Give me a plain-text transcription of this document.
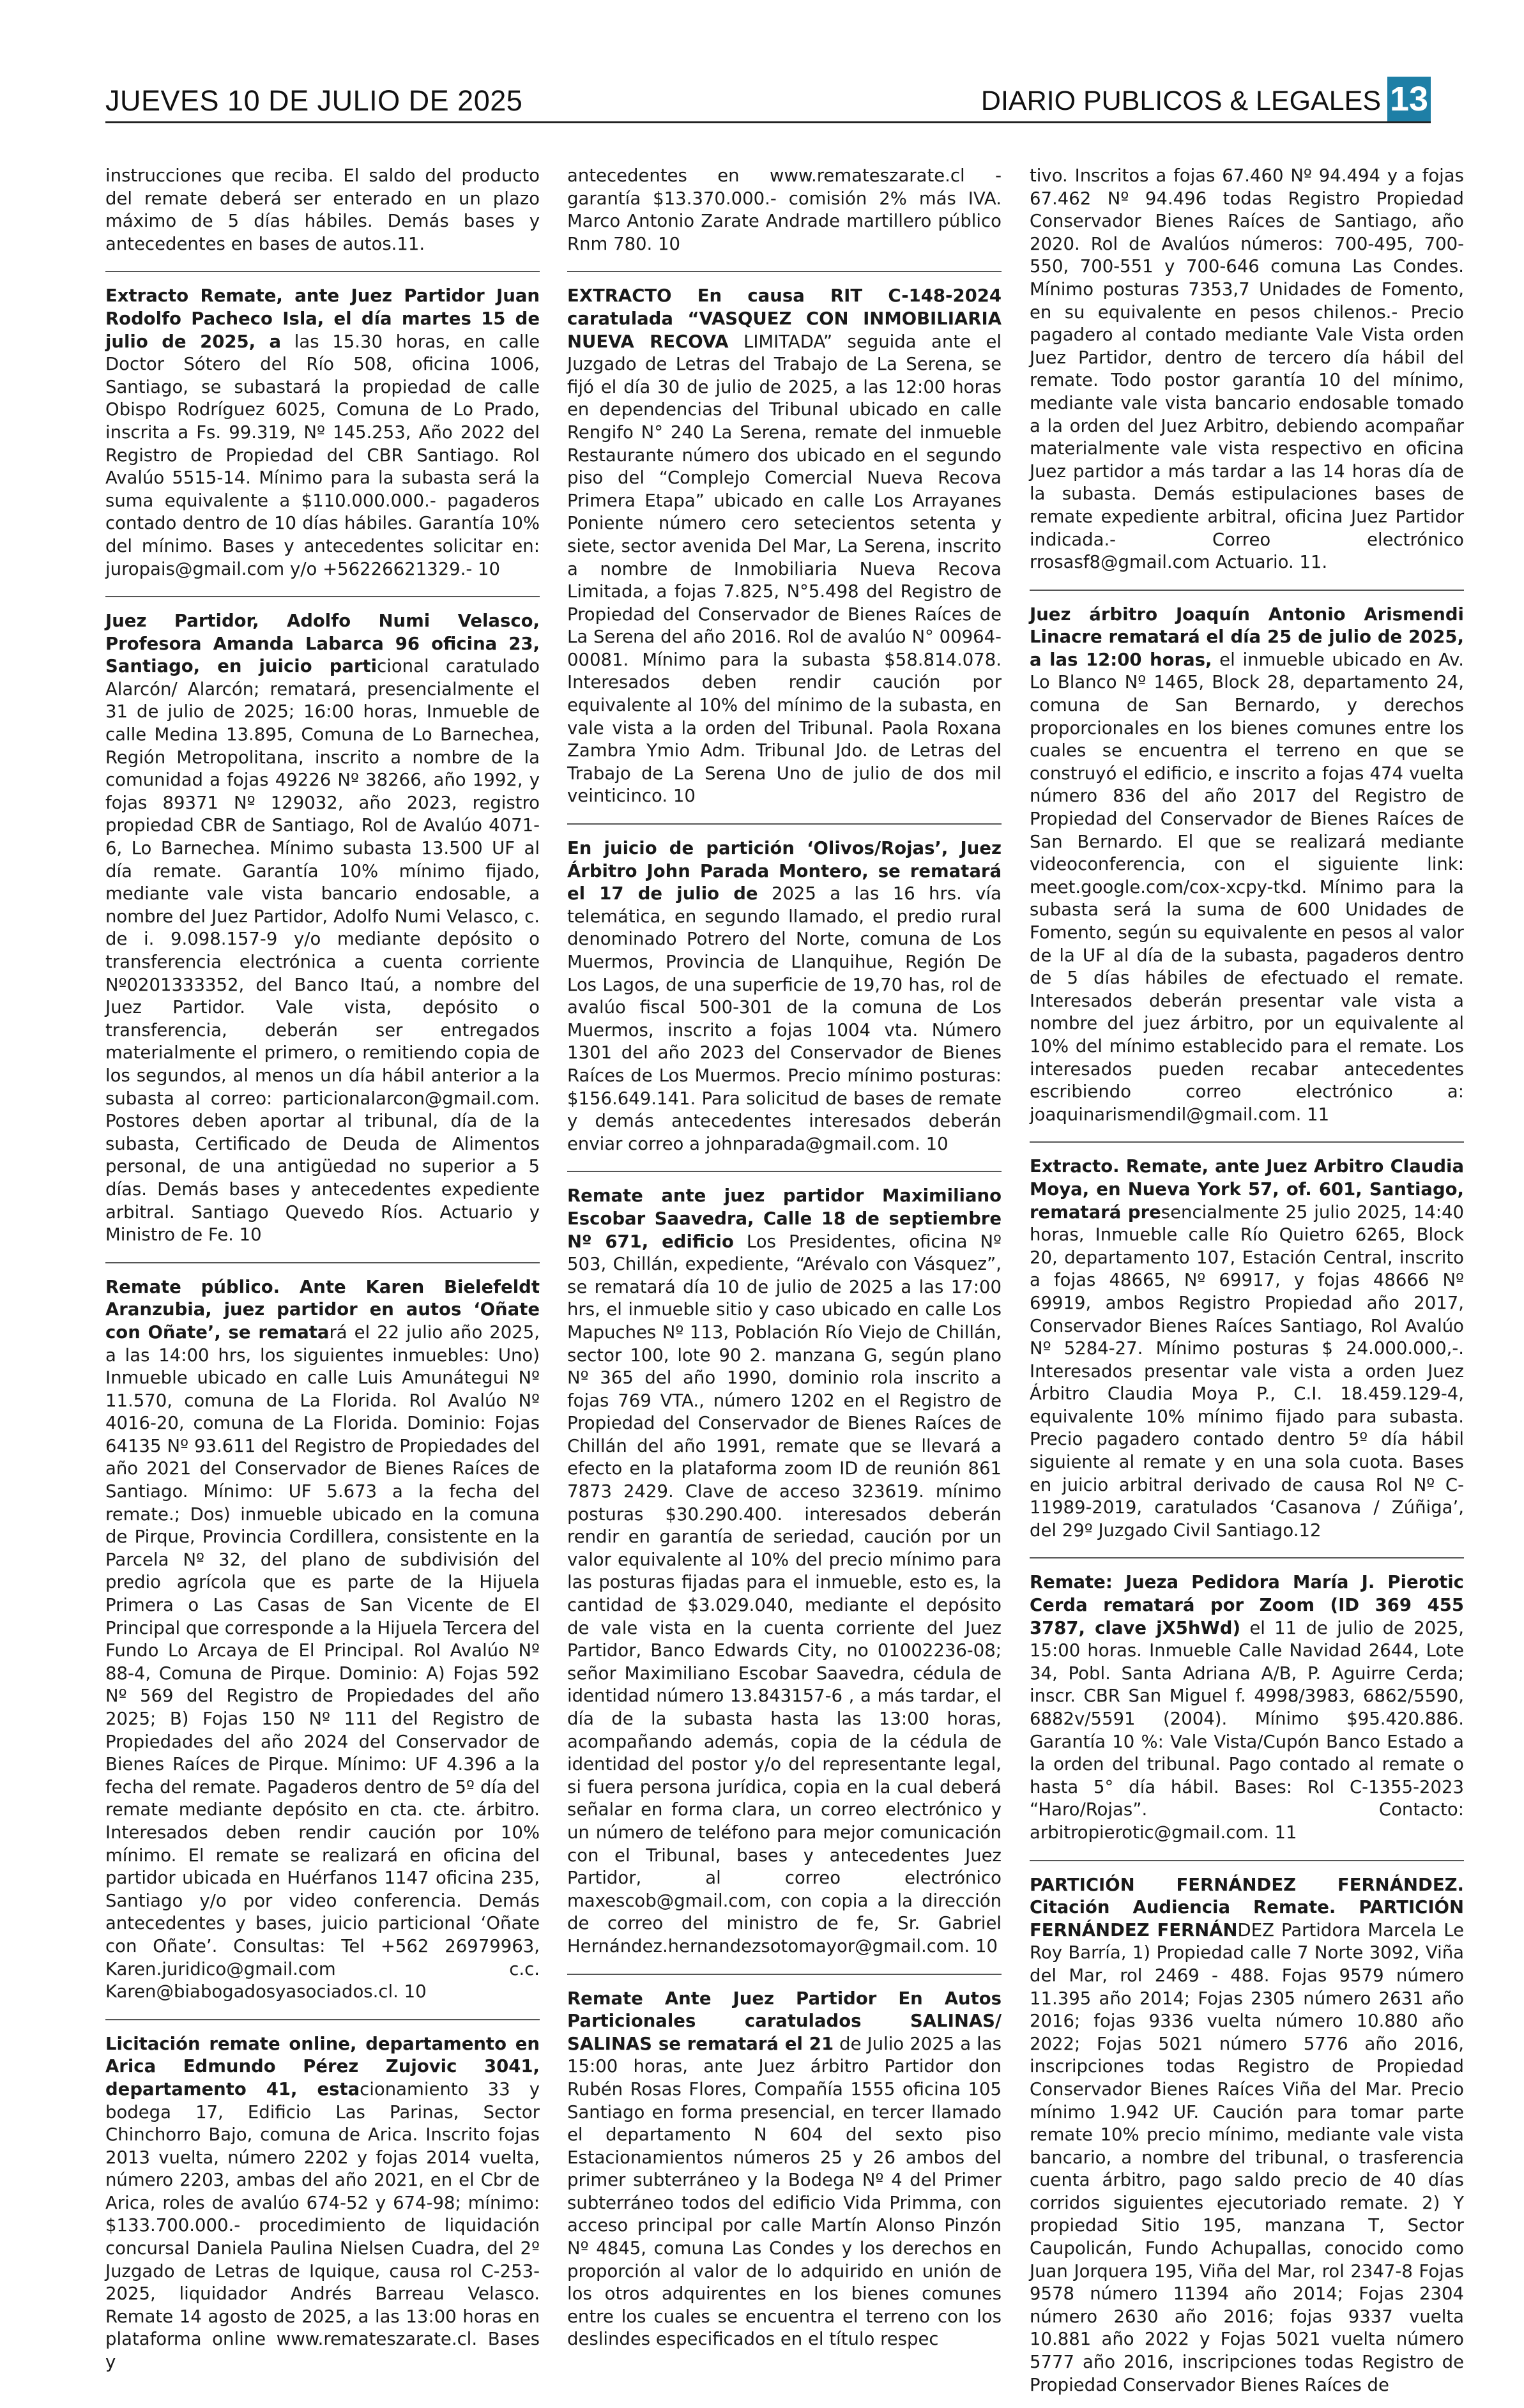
JUEVES 10 DE JULIO DE 2025	DIARIO PUBLICOS & LEGALES 13

instrucciones que reciba. El saldo del producto del remate deberá ser enterado en un plazo máximo de 5 días hábiles. Demás bases y antecedentes en bases de autos.11.

Extracto Remate, ante Juez Partidor Juan Rodolfo Pacheco Isla, el día martes 15 de julio de 2025, a las 15.30 horas, en calle Doctor Sótero del Río 508, oficina 1006, Santiago, se subastará la propiedad de calle Obispo Rodríguez 6025, Comuna de Lo Prado, inscrita a Fs. 99.319, Nº 145.253, Año 2022 del Registro de Propiedad del CBR Santiago. Rol Avalúo 5515-14. Mínimo para la subasta será la suma equivalente a $110.000.000.- pagaderos contado dentro de 10 días hábiles. Garantía 10% del mínimo. Bases y antecedentes solicitar en: juropais@gmail.com y/o +56226621329.- 10

Juez Partidor, Adolfo Numi Velasco, Profesora Amanda Labarca 96 oficina 23, Santiago, en juicio particional caratulado Alarcón/ Alarcón; rematará, presencialmente el 31 de julio de 2025; 16:00 horas, Inmueble de calle Medina 13.895, Comuna de Lo Barnechea, Región Metropolitana, inscrito a nombre de la comunidad a fojas 49226 Nº 38266, año 1992, y fojas 89371 Nº 129032, año 2023, registro propiedad CBR de Santiago, Rol de Avalúo 4071-6, Lo Barnechea. Mínimo subasta 13.500 UF al día remate. Garantía 10% mínimo fijado, mediante vale vista bancario endosable, a nombre del Juez Partidor, Adolfo Numi Velasco, c. de i. 9.098.157-9 y/o mediante depósito o transferencia electrónica a cuenta corriente Nº0201333352, del Banco Itaú, a nombre del Juez Partidor. Vale vista, depósito o transferencia, deberán ser entregados materialmente el primero, o remitiendo copia de los segundos, al menos un día hábil anterior a la subasta al correo: particionalarcon@gmail.com. Postores deben aportar al tribunal, día de la subasta, Certificado de Deuda de Alimentos personal, de una antigüedad no superior a 5 días. Demás bases y antecedentes expediente arbitral. Santiago Quevedo Ríos. Actuario y Ministro de Fe. 10

Remate público. Ante Karen Bielefeldt Aranzubia, juez partidor en autos ‘Oñate con Oñate’, se rematará el 22 julio año 2025, a las 14:00 hrs, los siguientes inmuebles: Uno) Inmueble ubicado en calle Luis Amunátegui Nº 11.570, comuna de La Florida. Rol Avalúo Nº 4016-20, comuna de La Florida. Dominio: Fojas 64135 Nº 93.611 del Registro de Propiedades del año 2021 del Conservador de Bienes Raíces de Santiago. Mínimo: UF 5.673 a la fecha del remate.; Dos) inmueble ubicado en la comuna de Pirque, Provincia Cordillera, consistente en la Parcela Nº 32, del plano de subdivisión del predio agrícola que es parte de la Hijuela Primera o Las Casas de San Vicente de El Principal que corresponde a la Hijuela Tercera del Fundo Lo Arcaya de El Principal. Rol Avalúo Nº 88-4, Comuna de Pirque. Dominio: A) Fojas 592 Nº 569 del Registro de Propiedades del año 2025; B) Fojas 150 Nº 111 del Registro de Propiedades del año 2024 del Conservador de Bienes Raíces de Pirque. Mínimo: UF 4.396 a la fecha del remate. Pagaderos dentro de 5º día del remate mediante depósito en cta. cte. árbitro. Interesados deben rendir caución por 10% mínimo. El remate se realizará en oficina del partidor ubicada en Huérfanos 1147 oficina 235, Santiago y/o por video conferencia. Demás antecedentes y bases, juicio particional ‘Oñate con Oñate’. Consultas: Tel +562 26979963, Karen.juridico@gmail.com c.c. Karen@biabogadosyasociados.cl. 10

Licitación remate online, departamento en Arica Edmundo Pérez Zujovic 3041, departamento 41, estacionamiento 33 y bodega 17, Edificio Las Parinas, Sector Chinchorro Bajo, comuna de Arica. Inscrito fojas 2013 vuelta, número 2202 y fojas 2014 vuelta, número 2203, ambas del año 2021, en el Cbr de Arica, roles de avalúo 674-52 y 674-98; mínimo: $133.700.000.- procedimiento de liquidación concursal Daniela Paulina Nielsen Cuadra, del 2º Juzgado de Letras de Iquique, causa rol C-253-2025, liquidador Andrés Barreau Velasco. Remate 14 agosto de 2025, a las 13:00 horas en plataforma online www.remateszarate.cl. Bases y

antecedentes en www.remateszarate.cl - garantía $13.370.000.- comisión 2% más IVA. Marco Antonio Zarate Andrade martillero público Rnm 780. 10

EXTRACTO En causa RIT C-148-2024 caratulada “VASQUEZ CON INMOBILIARIA NUEVA RECOVA LIMITADA” seguida ante el Juzgado de Letras del Trabajo de La Serena, se fijó el día 30 de julio de 2025, a las 12:00 horas en dependencias del Tribunal ubicado en calle Rengifo N° 240 La Serena, remate del inmueble Restaurante número dos ubicado en el segundo piso del “Complejo Comercial Nueva Recova Primera Etapa” ubicado en calle Los Arrayanes Poniente número cero setecientos setenta y siete, sector avenida Del Mar, La Serena, inscrito a nombre de Inmobiliaria Nueva Recova Limitada, a fojas 7.825, N°5.498 del Registro de Propiedad del Conservador de Bienes Raíces de La Serena del año 2016. Rol de avalúo N° 00964-00081. Mínimo para la subasta $58.814.078. Interesados deben rendir caución por equivalente al 10% del mínimo de la subasta, en vale vista a la orden del Tribunal. Paola Roxana Zambra Ymio Adm. Tribunal Jdo. de Letras del Trabajo de La Serena Uno de julio de dos mil veinticinco. 10

En juicio de partición ‘Olivos/Rojas’, Juez Árbitro John Parada Montero, se rematará el 17 de julio de 2025 a las 16 hrs. vía telemática, en segundo llamado, el predio rural denominado Potrero del Norte, comuna de Los Muermos, Provincia de Llanquihue, Región De Los Lagos, de una superficie de 19,70 has, rol de avalúo fiscal 500-301 de la comuna de Los Muermos, inscrito a fojas 1004 vta. Número 1301 del año 2023 del Conservador de Bienes Raíces de Los Muermos. Precio mínimo posturas: $156.649.141. Para solicitud de bases de remate y demás antecedentes interesados deberán enviar correo a johnparada@gmail.com. 10

Remate ante juez partidor Maximiliano Escobar Saavedra, Calle 18 de septiembre Nº 671, edificio Los Presidentes, oficina Nº 503, Chillán, expediente, “Arévalo con Vásquez”, se rematará día 10 de julio de 2025 a las 17:00 hrs, el inmueble sitio y caso ubicado en calle Los Mapuches Nº 113, Población Río Viejo de Chillán, sector 100, lote 90 2. manzana G, según plano Nº 365 del año 1990, dominio rola inscrito a fojas 769 VTA., número 1202 en el Registro de Propiedad del Conservador de Bienes Raíces de Chillán del año 1991, remate que se llevará a efecto en la plataforma zoom ID de reunión 861 7873 2429. Clave de acceso 323619. mínimo posturas $30.290.400. interesados deberán rendir en garantía de seriedad, caución por un valor equivalente al 10% del precio mínimo para las posturas fijadas para el inmueble, esto es, la cantidad de $3.029.040, mediante el depósito de vale vista en la cuenta corriente del Juez Partidor, Banco Edwards City, no 01002236-08; señor Maximiliano Escobar Saavedra, cédula de identidad número 13.843157-6 , a más tardar, el día de la subasta hasta las 13:00 horas, acompañando además, copia de la cédula de identidad del postor y/o del representante legal, si fuera persona jurídica, copia en la cual deberá señalar en forma clara, un correo electrónico y un número de teléfono para mejor comunicación con el Tribunal, bases y antecedentes Juez Partidor, al correo electrónico maxescob@gmail.com, con copia a la dirección de correo del ministro de fe, Sr. Gabriel Hernández.hernandezsotomayor@gmail.com. 10

Remate Ante Juez Partidor En Autos Particionales caratulados SALINAS/ SALINAS se rematará el 21 de Julio 2025 a las 15:00 horas, ante Juez árbitro Partidor don Rubén Rosas Flores, Compañía 1555 oficina 105 Santiago en forma presencial, en tercer llamado el departamento N 604 del sexto piso Estacionamientos números 25 y 26 ambos del primer subterráneo y la Bodega Nº 4 del Primer subterráneo todos del edificio Vida Primma, con acceso principal por calle Martín Alonso Pinzón Nº 4845, comuna Las Condes y los derechos en proporción al valor de lo adquirido en unión de los otros adquirentes en los bienes comunes entre los cuales se encuentra el terreno con los deslindes especificados en el título respec

tivo. Inscritos a fojas 67.460 Nº 94.494 y a fojas 67.462 Nº 94.496 todas Registro Propiedad Conservador Bienes Raíces de Santiago, año 2020. Rol de Avalúos números: 700-495, 700-550, 700-551 y 700-646 comuna Las Condes. Mínimo posturas 7353,7 Unidades de Fomento, en su equivalente en pesos chilenos.- Precio pagadero al contado mediante Vale Vista orden Juez Partidor, dentro de tercero día hábil del remate. Todo postor garantía 10 del mínimo, mediante vale vista bancario endosable tomado a la orden del Juez Arbitro, debiendo acompañar materialmente vale vista respectivo en oficina Juez partidor a más tardar a las 14 horas día de la subasta. Demás estipulaciones bases de remate expediente arbitral, oficina Juez Partidor indicada.- Correo electrónico rrosasf8@gmail.com Actuario. 11.

Juez árbitro Joaquín Antonio Arismendi Linacre rematará el día 25 de julio de 2025, a las 12:00 horas, el inmueble ubicado en Av. Lo Blanco Nº 1465, Block 28, departamento 24, comuna de San Bernardo, y derechos proporcionales en los bienes comunes entre los cuales se encuentra el terreno en que se construyó el edificio, e inscrito a fojas 474 vuelta número 836 del año 2017 del Registro de Propiedad del Conservador de Bienes Raíces de San Bernardo. El que se realizará mediante videoconferencia, con el siguiente link: meet.google.com/cox-xcpy-tkd. Mínimo para la subasta será la suma de 600 Unidades de Fomento, según su equivalente en pesos al valor de la UF al día de la subasta, pagaderos dentro de 5 días hábiles de efectuado el remate. Interesados deberán presentar vale vista a nombre del juez árbitro, por un equivalente al 10% del mínimo establecido para el remate. Los interesados pueden recabar antecedentes escribiendo correo electrónico a: joaquinarismendil@gmail.com. 11

Extracto. Remate, ante Juez Arbitro Claudia Moya, en Nueva York 57, of. 601, Santiago, rematará presencialmente 25 julio 2025, 14:40 horas, Inmueble calle Río Quietro 6265, Block 20, departamento 107, Estación Central, inscrito a fojas 48665, Nº 69917, y fojas 48666 Nº 69919, ambos Registro Propiedad año 2017, Conservador Bienes Raíces Santiago, Rol Avalúo Nº 5284-27. Mínimo posturas $ 24.000.000,-. Interesados presentar vale vista a orden Juez Árbitro Claudia Moya P., C.I. 18.459.129-4, equivalente 10% mínimo fijado para subasta. Precio pagadero contado dentro 5º día hábil siguiente al remate y en una sola cuota. Bases en juicio arbitral derivado de causa Rol Nº C-11989-2019, caratulados ‘Casanova / Zúñiga’, del 29º Juzgado Civil Santiago.12

Remate: Jueza Pedidora María J. Pierotic Cerda rematará por Zoom (ID 369 455 3787, clave jX5hWd) el 11 de julio de 2025, 15:00 horas. Inmueble Calle Navidad 2644, Lote 34, Pobl. Santa Adriana A/B, P. Aguirre Cerda; inscr. CBR San Miguel f. 4998/3983, 6862/5590, 6882v/5591 (2004). Mínimo $95.420.886. Garantía 10 %: Vale Vista/Cupón Banco Estado a la orden del tribunal. Pago contado al remate o hasta 5° día hábil. Bases: Rol C-1355-2023 “Haro/Rojas”. Contacto: arbitropierotic@gmail.com. 11

PARTICIÓN FERNÁNDEZ FERNÁNDEZ. Citación Audiencia Remate. PARTICIÓN FERNÁNDEZ FERNÁNDEZ Partidora Marcela Le Roy Barría, 1) Propiedad calle 7 Norte 3092, Viña del Mar, rol 2469 - 488. Fojas 9579 número 11.395 año 2014; Fojas 2305 número 2631 año 2016; fojas 9336 vuelta número 10.880 año 2022; Fojas 5021 número 5776 año 2016, inscripciones todas Registro de Propiedad Conservador Bienes Raíces Viña del Mar. Precio mínimo 1.942 UF. Caución para tomar parte remate 10% precio mínimo, mediante vale vista bancario, a nombre del tribunal, o trasferencia cuenta árbitro, pago saldo precio de 40 días corridos siguientes ejecutoriado remate. 2) Y propiedad Sitio 195, manzana T, Sector Caupolicán, Fundo Achupallas, conocido como Juan Jorquera 195, Viña del Mar, rol 2347-8 Fojas 9578 número 11394 año 2014; Fojas 2304 número 2630 año 2016; fojas 9337 vuelta 10.881 año 2022 y Fojas 5021 vuelta número 5777 año 2016, inscripciones todas Registro de Propiedad Conservador Bienes Raíces de
